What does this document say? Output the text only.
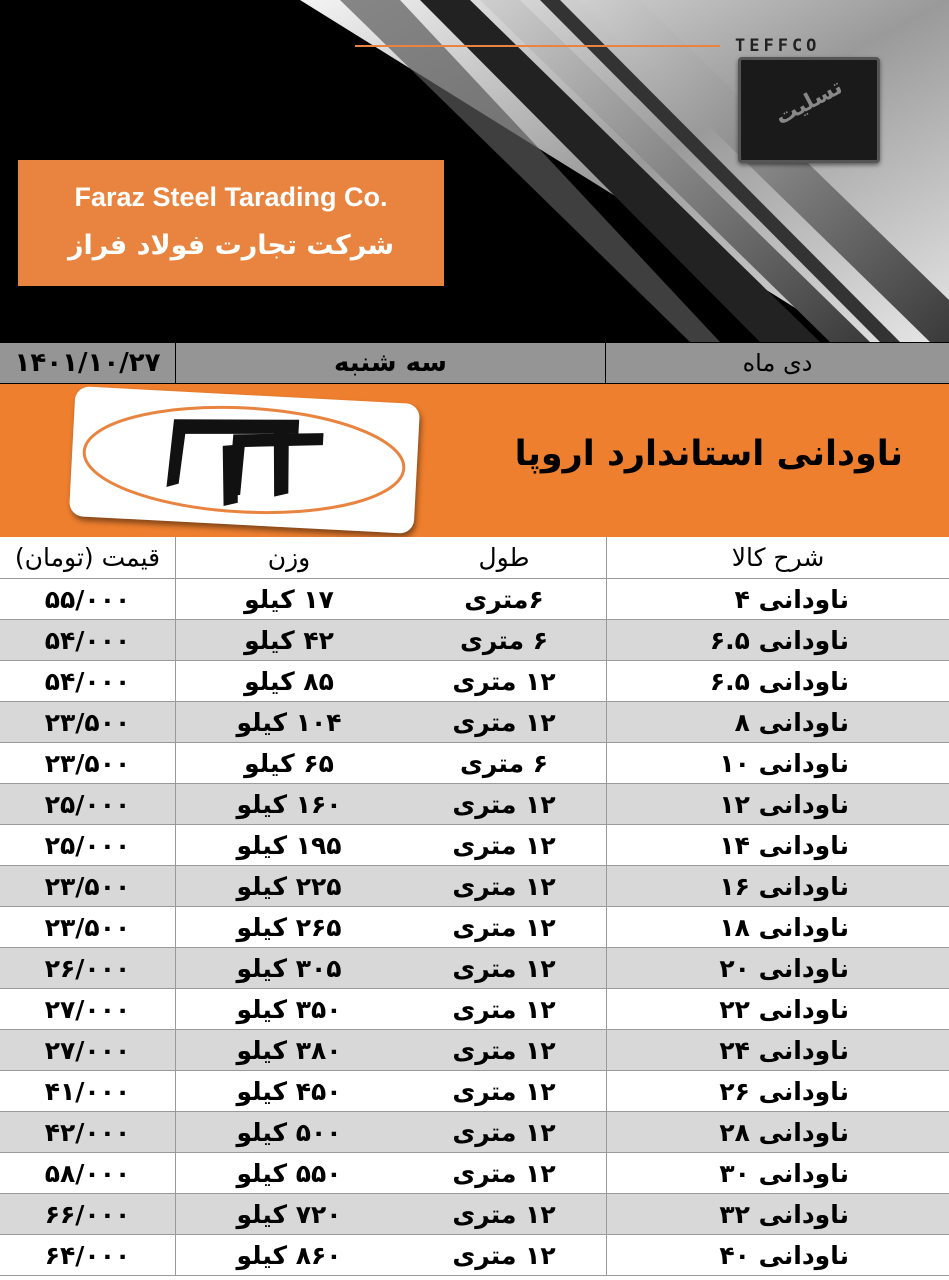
TEFFCO
تسلیت
Faraz Steel Tarading Co.
شرکت تجارت فولاد فراز
۱۴۰۱/۱۰/۲۷	سه شنبه	دی ماه
ناودانی استاندارد اروپا
قیمت (تومان)	وزن	طول	شرح کالا
۵۵/۰۰۰	۱۷ کیلو	۶متری	ناودانی ۴
۵۴/۰۰۰	۴۲ کیلو	۶ متری	ناودانی ۶.۵
۵۴/۰۰۰	۸۵ کیلو	۱۲ متری	ناودانی ۶.۵
۲۳/۵۰۰	۱۰۴ کیلو	۱۲ متری	ناودانی ۸
۲۳/۵۰۰	۶۵ کیلو	۶ متری	ناودانی ۱۰
۲۵/۰۰۰	۱۶۰ کیلو	۱۲ متری	ناودانی ۱۲
۲۵/۰۰۰	۱۹۵ کیلو	۱۲ متری	ناودانی ۱۴
۲۳/۵۰۰	۲۲۵ کیلو	۱۲ متری	ناودانی ۱۶
۲۳/۵۰۰	۲۶۵ کیلو	۱۲ متری	ناودانی ۱۸
۲۶/۰۰۰	۳۰۵ کیلو	۱۲ متری	ناودانی ۲۰
۲۷/۰۰۰	۳۵۰ کیلو	۱۲ متری	ناودانی ۲۲
۲۷/۰۰۰	۳۸۰ کیلو	۱۲ متری	ناودانی ۲۴
۴۱/۰۰۰	۴۵۰ کیلو	۱۲ متری	ناودانی ۲۶
۴۲/۰۰۰	۵۰۰ کیلو	۱۲ متری	ناودانی ۲۸
۵۸/۰۰۰	۵۵۰ کیلو	۱۲ متری	ناودانی ۳۰
۶۶/۰۰۰	۷۲۰ کیلو	۱۲ متری	ناودانی ۳۲
۶۴/۰۰۰	۸۶۰ کیلو	۱۲ متری	ناودانی ۴۰
